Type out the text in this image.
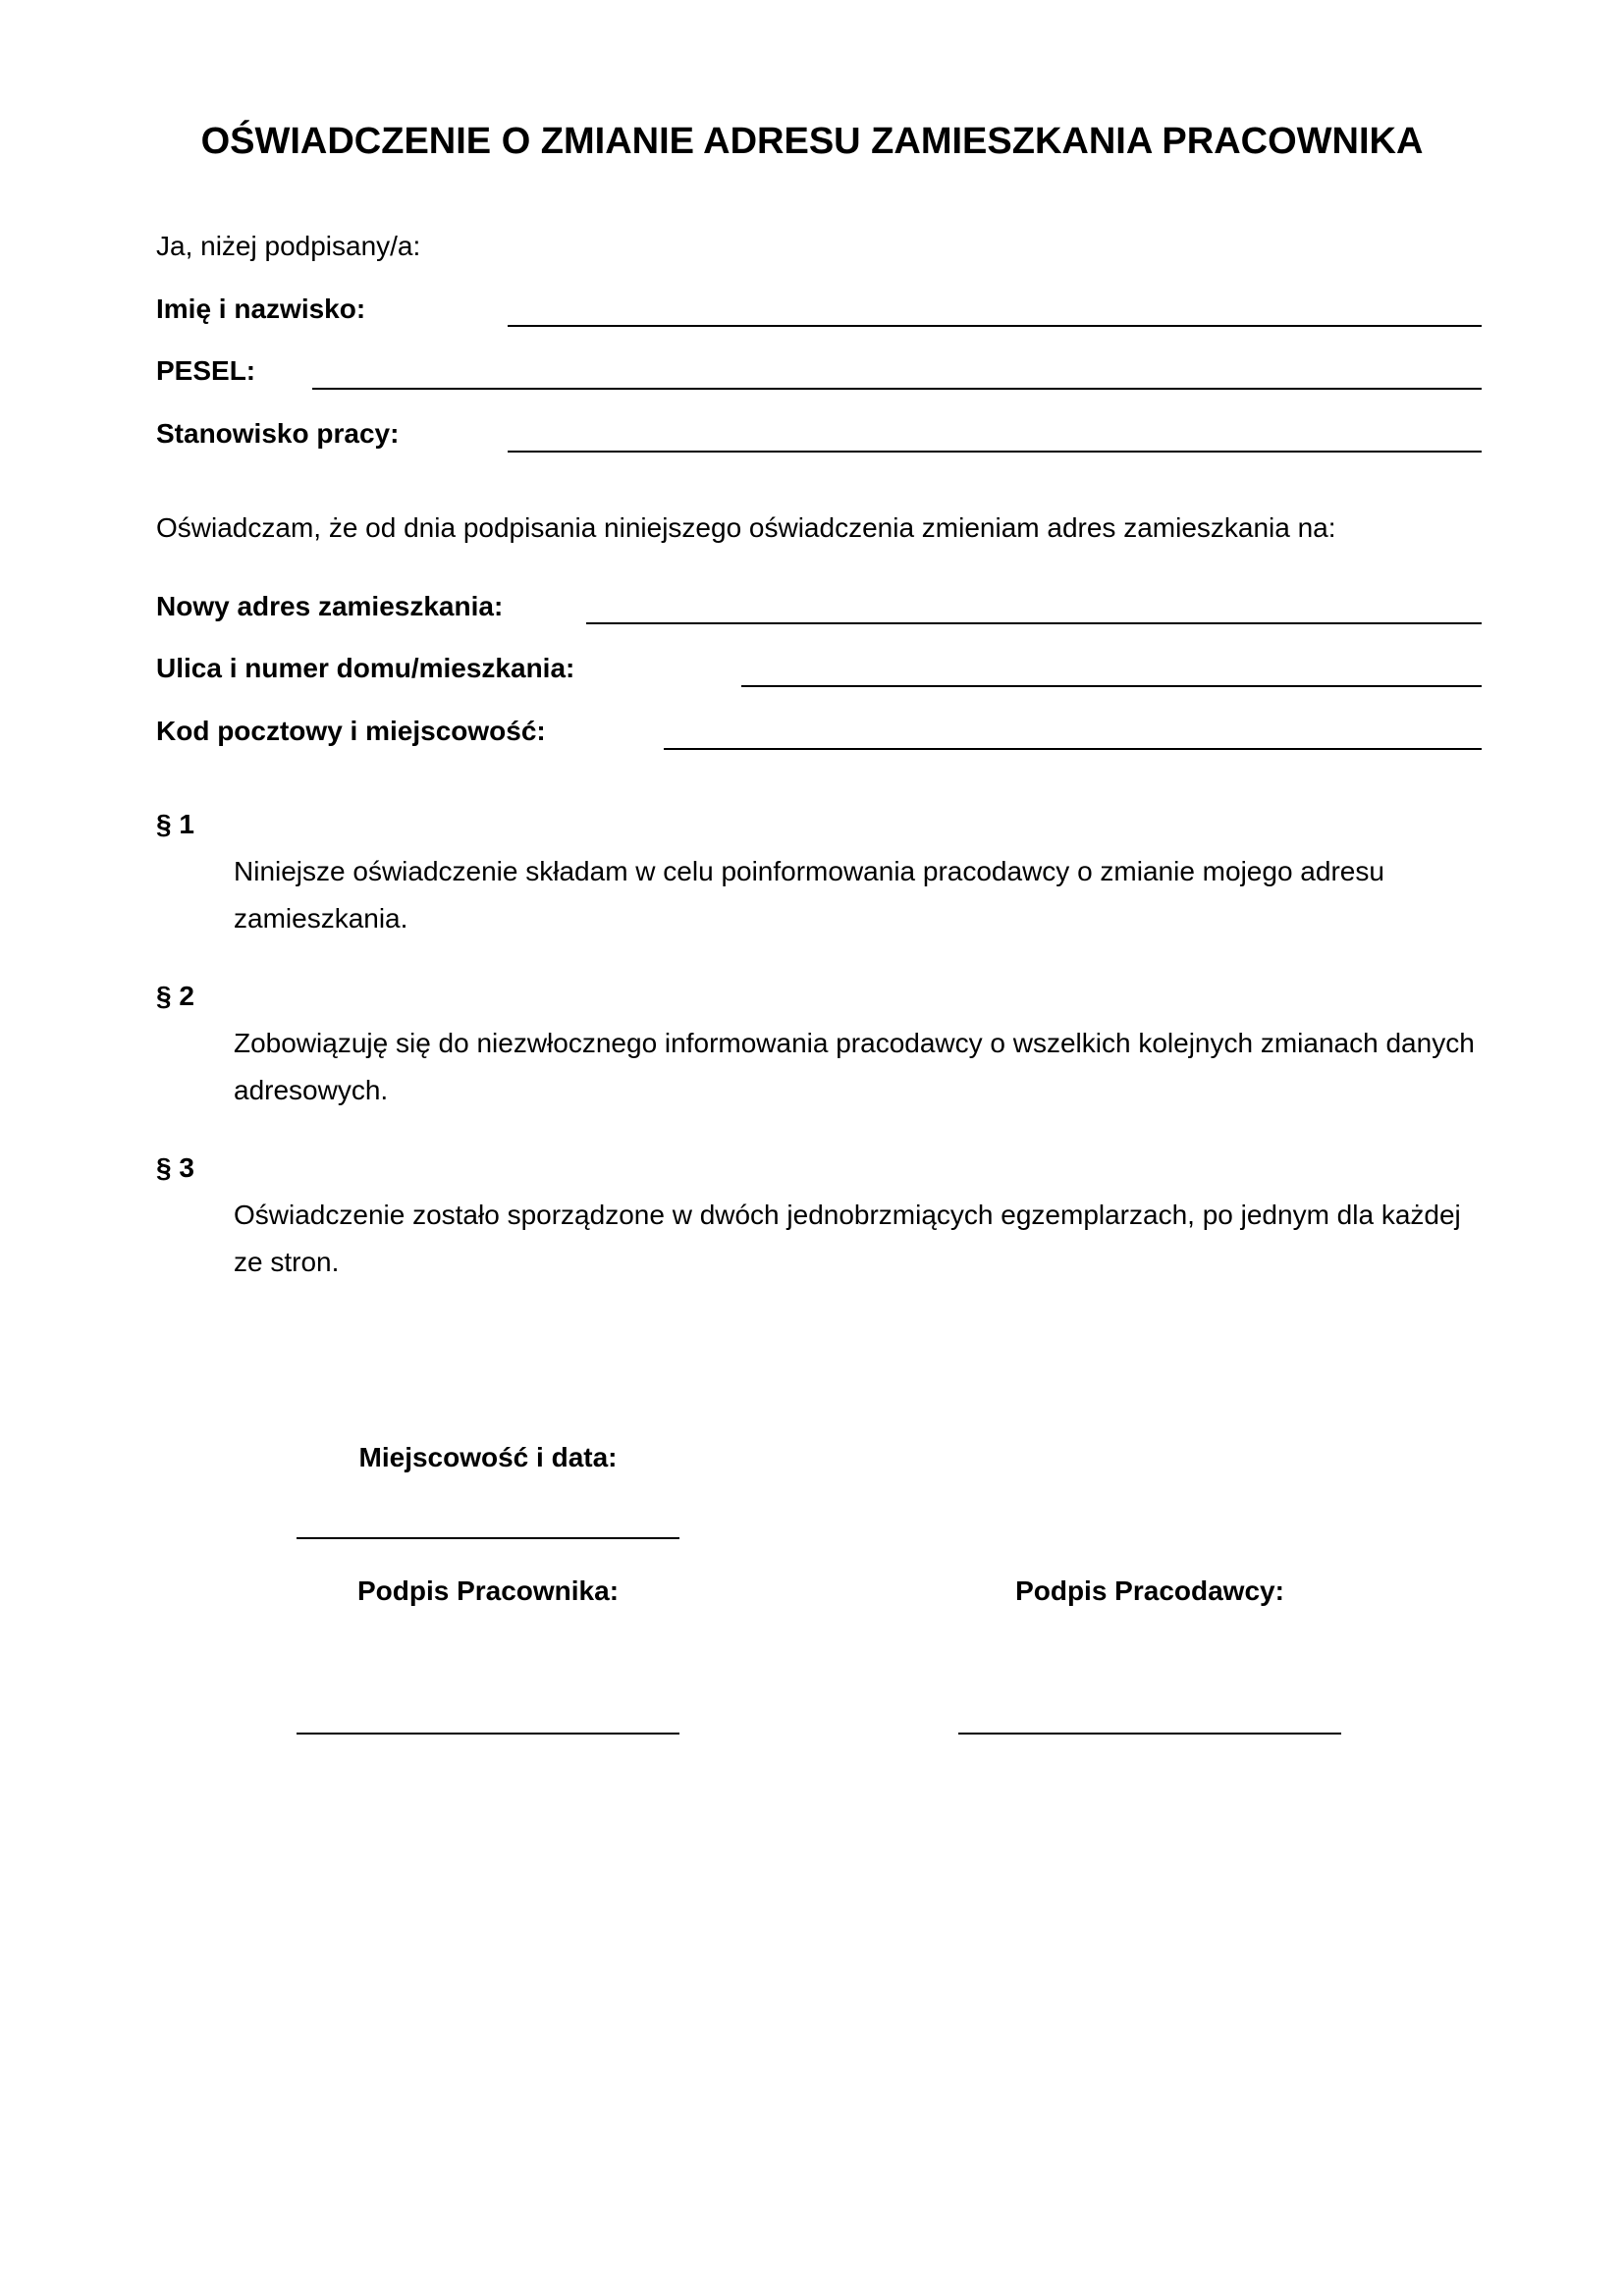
OŚWIADCZENIE O ZMIANIE ADRESU ZAMIESZKANIA PRACOWNIKA
Ja, niżej podpisany/a:
Imię i nazwisko:
PESEL:
Stanowisko pracy:
Oświadczam, że od dnia podpisania niniejszego oświadczenia zmieniam adres zamieszkania na:
Nowy adres zamieszkania:
Ulica i numer domu/mieszkania:
Kod pocztowy i miejscowość:
§ 1
Niniejsze oświadczenie składam w celu poinformowania pracodawcy o zmianie mojego adresu zamieszkania.
§ 2
Zobowiązuję się do niezwłocznego informowania pracodawcy o wszelkich kolejnych zmianach danych adresowych.
§ 3
Oświadczenie zostało sporządzone w dwóch jednobrzmiących egzemplarzach, po jednym dla każdej ze stron.
Miejscowość i data:
Podpis Pracownika:	Podpis Pracodawcy:
